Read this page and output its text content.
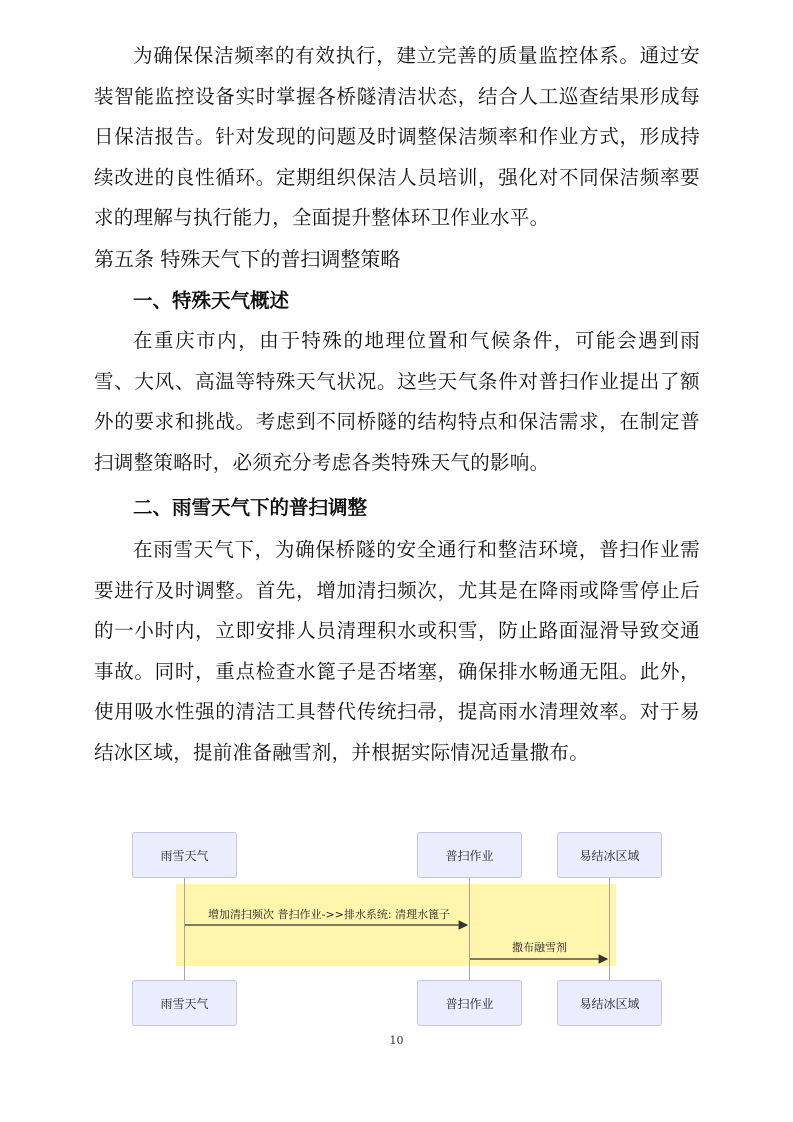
为确保保洁频率的有效执行，建立完善的质量监控体系。通过安装智能监控设备实时掌握各桥隧清洁状态，结合人工巡查结果形成每日保洁报告。针对发现的问题及时调整保洁频率和作业方式，形成持续改进的良性循环。定期组织保洁人员培训，强化对不同保洁频率要求的理解与执行能力，全面提升整体环卫作业水平。

第五条 特殊天气下的普扫调整策略
一、特殊天气概述

在重庆市内，由于特殊的地理位置和气候条件，可能会遇到雨雪、大风、高温等特殊天气状况。这些天气条件对普扫作业提出了额外的要求和挑战。考虑到不同桥隧的结构特点和保洁需求，在制定普扫调整策略时，必须充分考虑各类特殊天气的影响。

二、雨雪天气下的普扫调整

在雨雪天气下，为确保桥隧的安全通行和整洁环境，普扫作业需要进行及时调整。首先，增加清扫频次，尤其是在降雨或降雪停止后的一小时内，立即安排人员清理积水或积雪，防止路面湿滑导致交通事故。同时，重点检查水篦子是否堵塞，确保排水畅通无阻。此外，使用吸水性强的清洁工具替代传统扫帚，提高雨水清理效率。对于易结冰区域，提前准备融雪剂，并根据实际情况适量撒布。

雨雪天气	普扫作业	易结冰区域
增加清扫频次 普扫作业->>排水系统: 清理水篦子
撒布融雪剂
雨雪天气	普扫作业	易结冰区域
10
